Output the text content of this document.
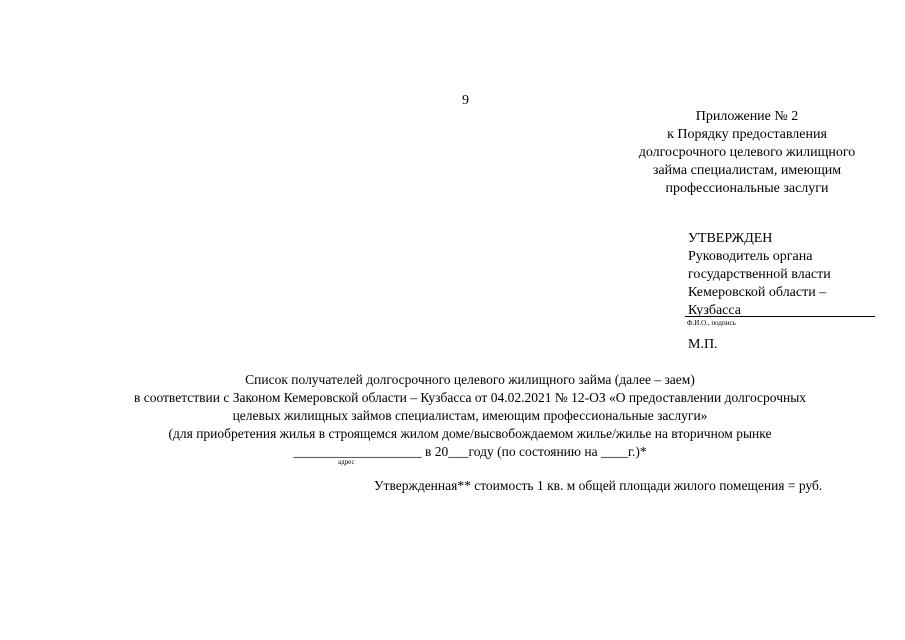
9
Приложение № 2
к Порядку предоставления
долгосрочного целевого жилищного
займа специалистам, имеющим
профессиональные заслуги
УТВЕРЖДЕН
Руководитель органа
государственной власти
Кемеровской области –
Кузбасса
Ф.И.О., подпись
М.П.
Список получателей долгосрочного целевого жилищного займа (далее – заем)
в соответствии с Законом Кемеровской области – Кузбасса от 04.02.2021 № 12-ОЗ «О предоставлении долгосрочных
целевых жилищных займов специалистам, имеющим профессиональные заслуги»
(для приобретения жилья в строящемся жилом доме/высвобождаемом жилье/жилье на вторичном рынке
___________________ в 20___году (по состоянию на ____г.)*
адрес
Утвержденная** стоимость 1 кв. м общей площади жилого помещения = руб.
